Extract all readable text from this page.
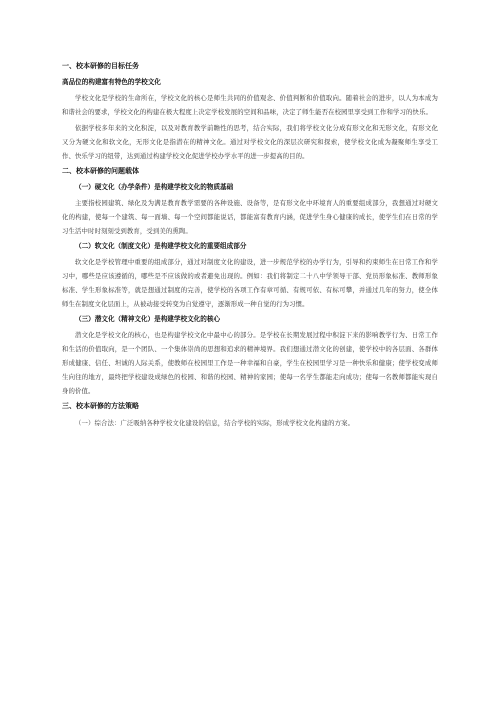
一、校本研修的目标任务
高品位的构建富有特色的学校文化

学校文化是学校的生命所在，学校文化的核心是师生共同的价值观念、价值判断和价值取向。随着社会的进步，以人为本成为和谐社会的要求，学校文化的构建在极大程度上决定学校发展的空间和品味，决定了师生能否在校园里享受到工作和学习的快乐。

依据学校多年来的文化积淀，以及对教育教学前瞻性的思考，结合实际，我们将学校文化分成有形文化和无形文化，有形文化又分为硬文化和软文化，无形文化是指潜在的精神文化。通过对学校文化的深层次研究和探索，使学校文化成为凝聚师生享受工作、快乐学习的纽带，达到通过构建学校文化促进学校办学水平的进一步提高的目的。

二、校本研修的问题载体
（一）硬文化（办学条件）是构建学校文化的物质基础

主要指校园建筑、绿化及为满足教育教学需要的各种设施、设备等，是有形文化中环境育人的重要组成部分，我想通过对硬文化的构建，使每一个建筑、每一面墙、每一个空间都能说话，都能富有教育内涵，促进学生身心健康的成长，使学生们在日常的学习生活中时时刻刻受到教育，受到美的熏陶。

（二）软文化（制度文化）是构建学校文化的重要组成部分

软文化是学校管理中重要的组成部分，通过对制度文化的建设，进一步规范学校的办学行为，引导和约束师生在日常工作和学习中，哪些是应该遵循的，哪些是不应该做的或者避免出现的。例如：我们将制定二十八中学领导干部、党员形象标准、教师形象标准、学生形象标准等，就是想通过制度的完善，使学校的各项工作有章可循、有规可依、有标可攀，并通过几年的努力，使全体师生在制度文化层面上，从被动接受转变为自觉遵守，逐渐形成一种自觉的行为习惯。

（三）潜文化（精神文化）是构建学校文化的核心

潜文化是学校文化的核心，也是构建学校文化中最中心的部分。是学校在长期发展过程中积淀下来的影响教学行为、日常工作和生活的价值取向，是一个团队、一个集体崇尚的思想和追求的精神境界。我们想通过潜文化的创建，使学校中的各层面、各群体形成健康、信任、坦诚的人际关系，使教师在校园里工作是一种幸福和自豪，学生在校园里学习是一种快乐和健康；使学校变成师生向往的地方，最终把学校建设成绿色的校园、和谐的校园、精神的家园；使每一名学生都能走向成功；使每一名教师都能实现自身的价值。

三、校本研修的方法策略

（一）综合法：广泛吸纳各种学校文化建设的信息，结合学校的实际，形成学校文化构建的方案。
